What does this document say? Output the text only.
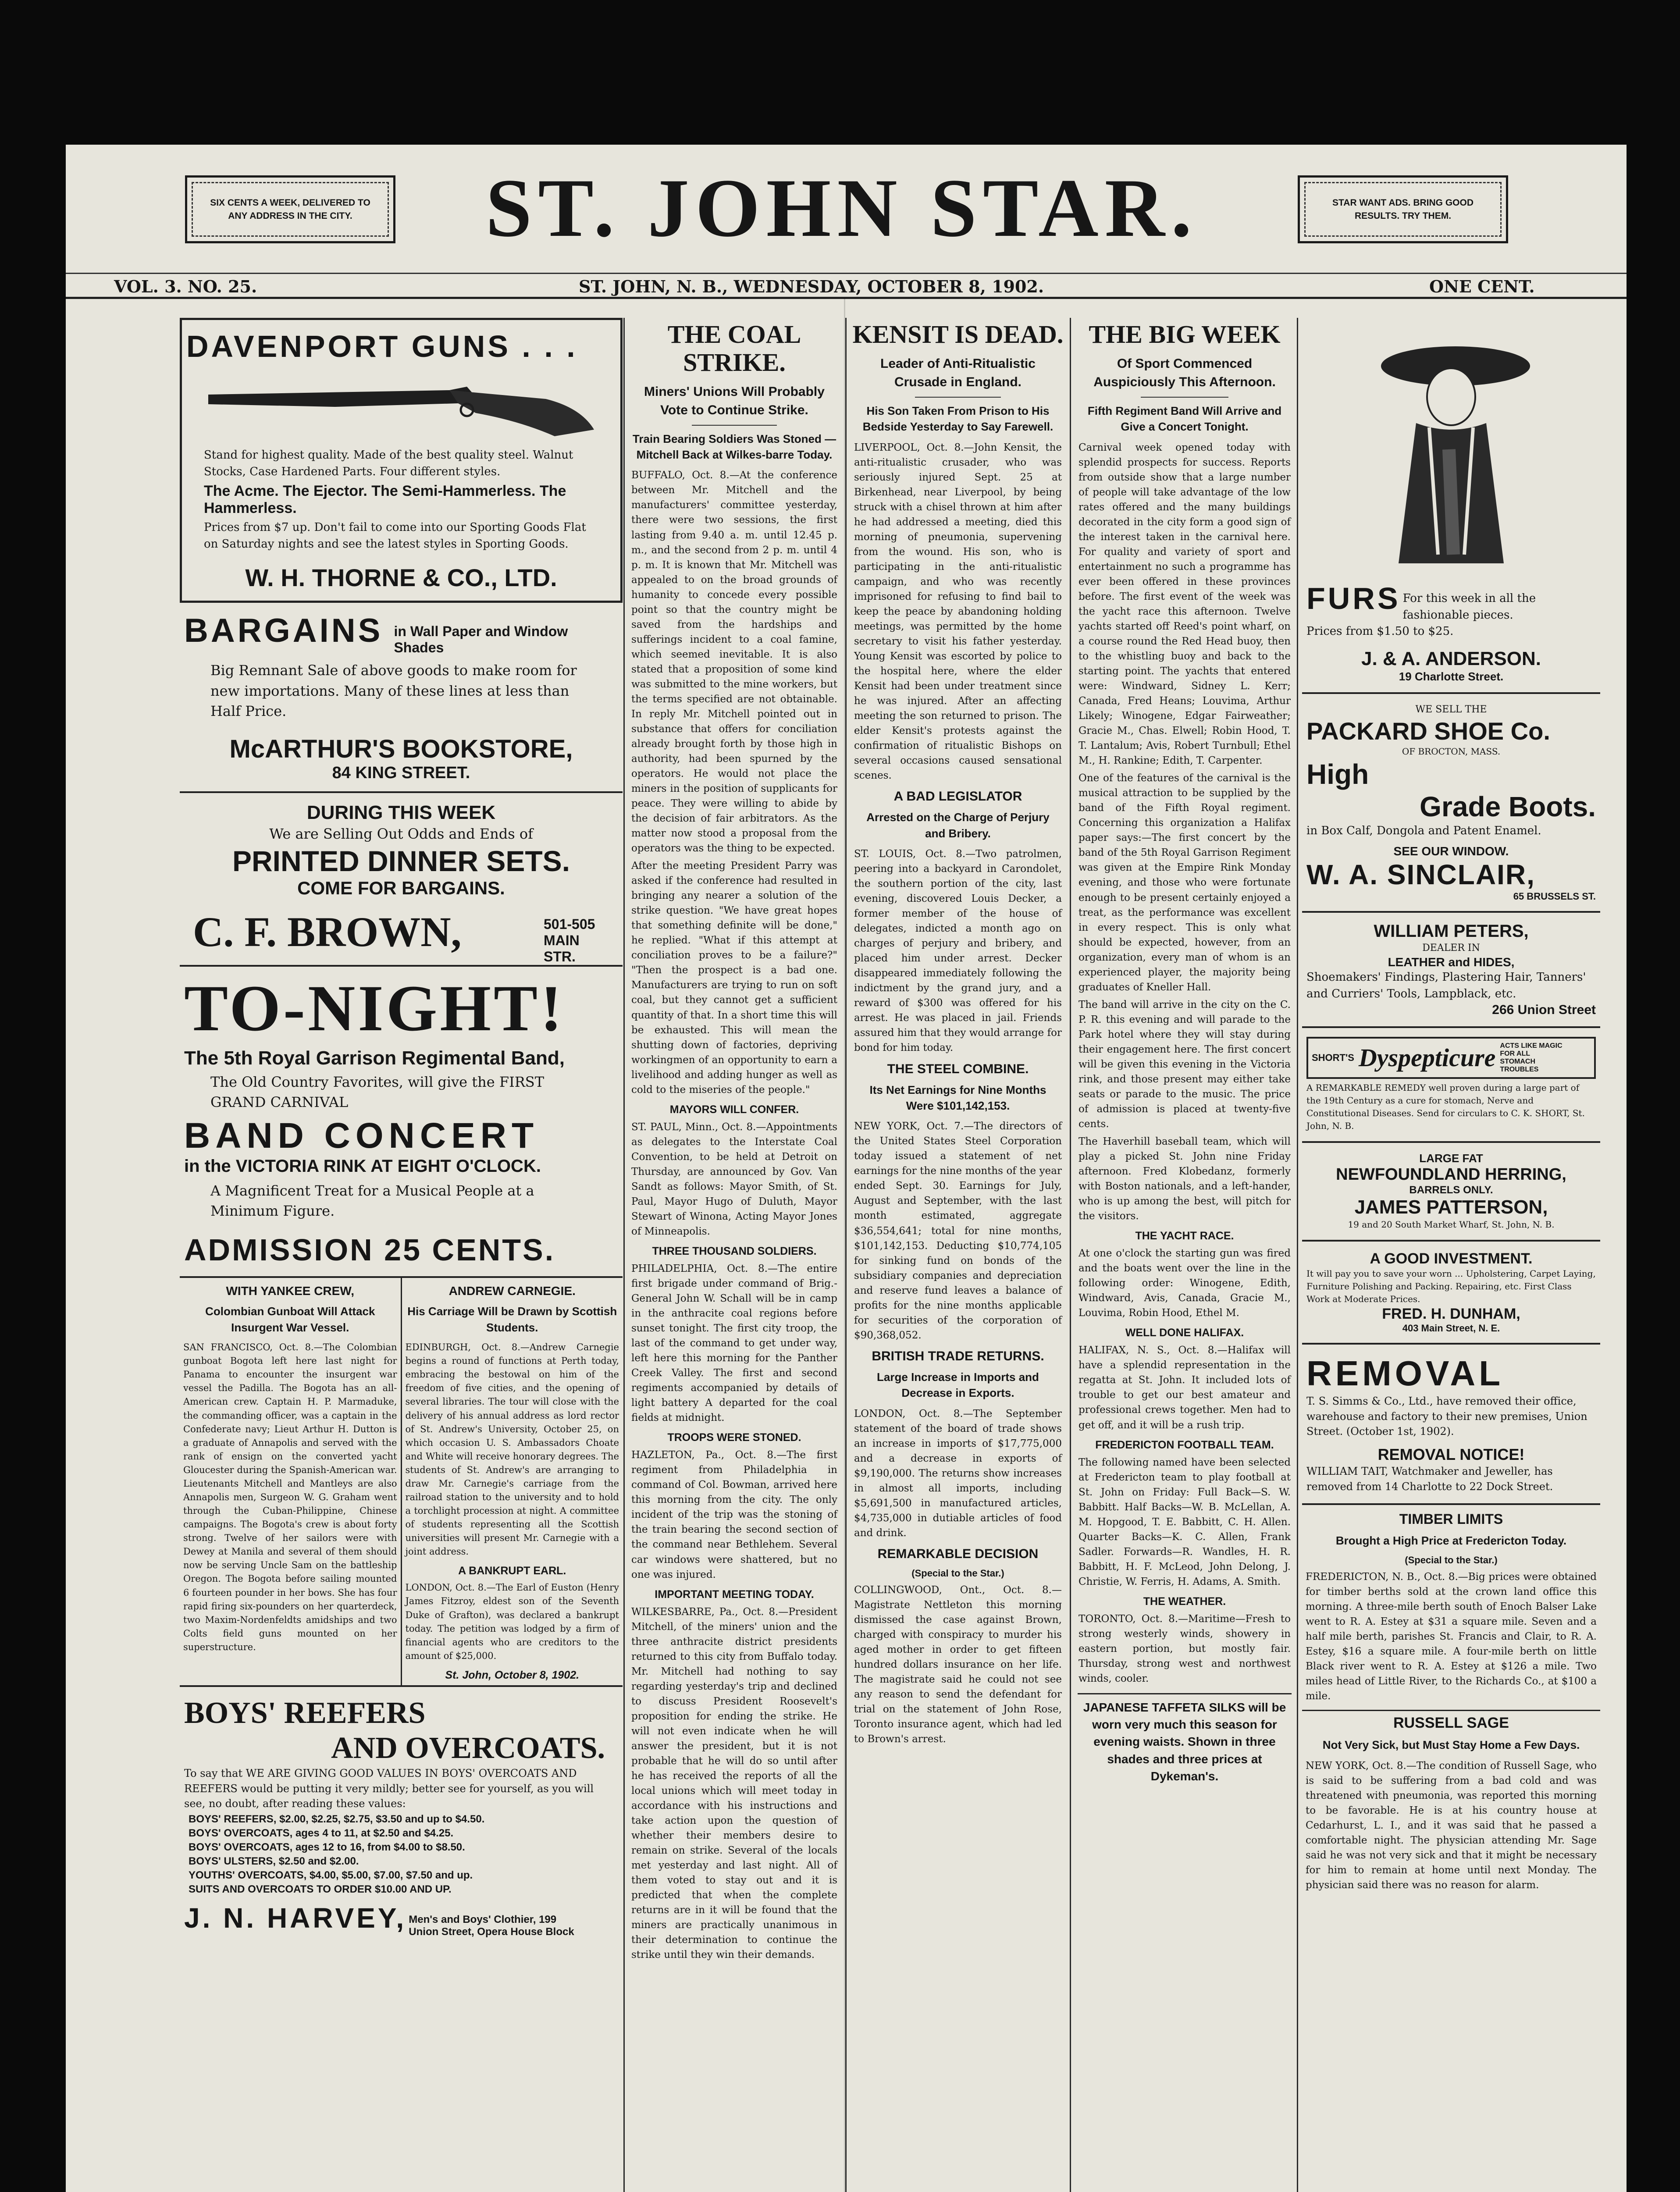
SIX CENTS A WEEK, DELIVERED TO ANY ADDRESS IN THE CITY.	ST. JOHN STAR.	STAR WANT ADS. BRING GOOD RESULTS. TRY THEM.
VOL. 3. NO. 25.	ST. JOHN, N. B., WEDNESDAY, OCTOBER 8, 1902.	ONE CENT.
DAVENPORT GUNS . . .
Stand for highest quality. Made of the best quality steel. Walnut Stocks, Case Hardened Parts. Four different styles.
The Acme. The Ejector. The Semi-Hammerless. The Hammerless.
Prices from $7 up. Don't fail to come into our Sporting Goods Flat on Saturday nights and see the latest styles in Sporting Goods.
W. H. THORNE & CO., LTD.
BARGAINS in Wall Paper and Window Shades
Big Remnant Sale of above goods to make room for new importations. Many of these lines at less than Half Price.
McARTHUR'S BOOKSTORE,
84 KING STREET.
DURING THIS WEEK
We are Selling Out Odds and Ends of
PRINTED DINNER SETS.
COME FOR BARGAINS.
C. F. BROWN,	501-505 MAIN STR.
TO-NIGHT!
The 5th Royal Garrison Regimental Band,
The Old Country Favorites, will give the FIRST GRAND CARNIVAL
BAND CONCERT
in the VICTORIA RINK AT EIGHT O'CLOCK.
A Magnificent Treat for a Musical People at a Minimum Figure.
ADMISSION 25 CENTS.
WITH YANKEE CREW,
Colombian Gunboat Will Attack Insurgent War Vessel.
SAN FRANCISCO, Oct. 8.—The Colombian gunboat Bogota left here last night for Panama to encounter the insurgent war vessel the Padilla. The Bogota has an all-American crew. Captain H. P. Marmaduke, the commanding officer, was a captain in the Confederate navy; Lieut Arthur H. Dutton is a graduate of Annapolis and served with the rank of ensign on the converted yacht Gloucester during the Spanish-American war. Lieutenants Mitchell and Mantleys are also Annapolis men, Surgeon W. G. Graham went through the Cuban-Philippine, Chinese campaigns. The Bogota's crew is about forty strong. Twelve of her sailors were with Dewey at Manila and several of them should now be serving Uncle Sam on the battleship Oregon. The Bogota before sailing mounted 6 fourteen pounder in her bows. She has four rapid firing six-pounders on her quarterdeck, two Maxim-Nordenfeldts amidships and two Colts field guns mounted on her superstructure.
ANDREW CARNEGIE.
His Carriage Will be Drawn by Scottish Students.
EDINBURGH, Oct. 8.—Andrew Carnegie begins a round of functions at Perth today, embracing the bestowal on him of the freedom of five cities, and the opening of several libraries. The tour will close with the delivery of his annual address as lord rector of St. Andrew's University, October 25, on which occasion U. S. Ambassadors Choate and White will receive honorary degrees. The students of St. Andrew's are arranging to draw Mr. Carnegie's carriage from the railroad station to the university and to hold a torchlight procession at night. A committee of students representing all the Scottish universities will present Mr. Carnegie with a joint address.
A BANKRUPT EARL.
LONDON, Oct. 8.—The Earl of Euston (Henry James Fitzroy, eldest son of the Seventh Duke of Grafton), was declared a bankrupt today. The petition was lodged by a firm of financial agents who are creditors to the amount of $25,000.
St. John, October 8, 1902.
BOYS' REEFERS
AND OVERCOATS.
To say that WE ARE GIVING GOOD VALUES IN BOYS' OVERCOATS AND REEFERS would be putting it very mildly; better see for yourself, as you will see, no doubt, after reading these values:
BOYS' REEFERS, $2.00, $2.25, $2.75, $3.50 and up to $4.50.
BOYS' OVERCOATS, ages 4 to 11, at $2.50 and $4.25.
BOYS' OVERCOATS, ages 12 to 16, from $4.00 to $8.50.
BOYS' ULSTERS, $2.50 and $2.00.
YOUTHS' OVERCOATS, $4.00, $5.00, $7.00, $7.50 and up.
SUITS AND OVERCOATS TO ORDER $10.00 AND UP.
J. N. HARVEY, Men's and Boys' Clothier, 199 Union Street, Opera House Block
THE COAL STRIKE.
Miners' Unions Will Probably Vote to Continue Strike.
Train Bearing Soldiers Was Stoned —Mitchell Back at Wilkes-barre Today.
BUFFALO, Oct. 8.—At the conference between Mr. Mitchell and the manufacturers' committee yesterday, there were two sessions, the first lasting from 9.40 a. m. until 12.45 p. m., and the second from 2 p. m. until 4 p. m. It is known that Mr. Mitchell was appealed to on the broad grounds of humanity to concede every possible point so that the country might be saved from the hardships and sufferings incident to a coal famine, which seemed inevitable. It is also stated that a proposition of some kind was submitted to the mine workers, but the terms specified are not obtainable. In reply Mr. Mitchell pointed out in substance that offers for conciliation already brought forth by those high in authority, had been spurned by the operators. He would not place the miners in the position of supplicants for peace. They were willing to abide by the decision of fair arbitrators. As the matter now stood a proposal from the operators was the thing to be expected.
After the meeting President Parry was asked if the conference had resulted in bringing any nearer a solution of the strike question. "We have great hopes that something definite will be done," he replied. "What if this attempt at conciliation proves to be a failure?" "Then the prospect is a bad one. Manufacturers are trying to run on soft coal, but they cannot get a sufficient quantity of that. In a short time this will be exhausted. This will mean the shutting down of factories, depriving workingmen of an opportunity to earn a livelihood and adding hunger as well as cold to the miseries of the people."
MAYORS WILL CONFER.
ST. PAUL, Minn., Oct. 8.—Appointments as delegates to the Interstate Coal Convention, to be held at Detroit on Thursday, are announced by Gov. Van Sandt as follows: Mayor Smith, of St. Paul, Mayor Hugo of Duluth, Mayor Stewart of Winona, Acting Mayor Jones of Minneapolis.
THREE THOUSAND SOLDIERS.
PHILADELPHIA, Oct. 8.—The entire first brigade under command of Brig.-General John W. Schall will be in camp in the anthracite coal regions before sunset tonight. The first city troop, the last of the command to get under way, left here this morning for the Panther Creek Valley. The first and second regiments accompanied by details of light battery A departed for the coal fields at midnight.
TROOPS WERE STONED.
HAZLETON, Pa., Oct. 8.—The first regiment from Philadelphia in command of Col. Bowman, arrived here this morning from the city. The only incident of the trip was the stoning of the train bearing the second section of the command near Bethlehem. Several car windows were shattered, but no one was injured.
IMPORTANT MEETING TODAY.
WILKESBARRE, Pa., Oct. 8.—President Mitchell, of the miners' union and the three anthracite district presidents returned to this city from Buffalo today. Mr. Mitchell had nothing to say regarding yesterday's trip and declined to discuss President Roosevelt's proposition for ending the strike. He will not even indicate when he will answer the president, but it is not probable that he will do so until after he has received the reports of all the local unions which will meet today in accordance with his instructions and take action upon the question of whether their members desire to remain on strike. Several of the locals met yesterday and last night. All of them voted to stay out and it is predicted that when the complete returns are in it will be found that the miners are practically unanimous in their determination to continue the strike until they win their demands.
KENSIT IS DEAD.
Leader of Anti-Ritualistic Crusade in England.
His Son Taken From Prison to His Bedside Yesterday to Say Farewell.
LIVERPOOL, Oct. 8.—John Kensit, the anti-ritualistic crusader, who was seriously injured Sept. 25 at Birkenhead, near Liverpool, by being struck with a chisel thrown at him after he had addressed a meeting, died this morning of pneumonia, supervening from the wound. His son, who is participating in the anti-ritualistic campaign, and who was recently imprisoned for refusing to find bail to keep the peace by abandoning holding meetings, was permitted by the home secretary to visit his father yesterday. Young Kensit was escorted by police to the hospital here, where the elder Kensit had been under treatment since he was injured. After an affecting meeting the son returned to prison. The elder Kensit's protests against the confirmation of ritualistic Bishops on several occasions caused sensational scenes.
A BAD LEGISLATOR
Arrested on the Charge of Perjury and Bribery.
ST. LOUIS, Oct. 8.—Two patrolmen, peering into a backyard in Carondolet, the southern portion of the city, last evening, discovered Louis Decker, a former member of the house of delegates, indicted a month ago on charges of perjury and bribery, and placed him under arrest. Decker disappeared immediately following the indictment by the grand jury, and a reward of $300 was offered for his arrest. He was placed in jail. Friends assured him that they would arrange for bond for him today.
THE STEEL COMBINE.
Its Net Earnings for Nine Months Were $101,142,153.
NEW YORK, Oct. 7.—The directors of the United States Steel Corporation today issued a statement of net earnings for the nine months of the year ended Sept. 30. Earnings for July, August and September, with the last month estimated, aggregate $36,554,641; total for nine months, $101,142,153. Deducting $10,774,105 for sinking fund on bonds of the subsidiary companies and depreciation and reserve fund leaves a balance of profits for the nine months applicable for securities of the corporation of $90,368,052.
BRITISH TRADE RETURNS.
Large Increase in Imports and Decrease in Exports.
LONDON, Oct. 8.—The September statement of the board of trade shows an increase in imports of $17,775,000 and a decrease in exports of $9,190,000. The returns show increases in almost all imports, including $5,691,500 in manufactured articles, $4,735,000 in dutiable articles of food and drink.
REMARKABLE DECISION
(Special to the Star.)
COLLINGWOOD, Ont., Oct. 8.—Magistrate Nettleton this morning dismissed the case against Brown, charged with conspiracy to murder his aged mother in order to get fifteen hundred dollars insurance on her life. The magistrate said he could not see any reason to send the defendant for trial on the statement of John Rose, Toronto insurance agent, which had led to Brown's arrest.
THE BIG WEEK
Of Sport Commenced Auspiciously This Afternoon.
Fifth Regiment Band Will Arrive and Give a Concert Tonight.
Carnival week opened today with splendid prospects for success. Reports from outside show that a large number of people will take advantage of the low rates offered and the many buildings decorated in the city form a good sign of the interest taken in the carnival here. For quality and variety of sport and entertainment no such a programme has ever been offered in these provinces before. The first event of the week was the yacht race this afternoon. Twelve yachts started off Reed's point wharf, on a course round the Red Head buoy, then to the whistling buoy and back to the starting point. The yachts that entered were: Windward, Sidney L. Kerr; Canada, Fred Heans; Louvima, Arthur Likely; Winogene, Edgar Fairweather; Gracie M., Chas. Elwell; Robin Hood, T. T. Lantalum; Avis, Robert Turnbull; Ethel M., H. Rankine; Edith, T. Carpenter.
One of the features of the carnival is the musical attraction to be supplied by the band of the Fifth Royal regiment. Concerning this organization a Halifax paper says:—The first concert by the band of the 5th Royal Garrison Regiment was given at the Empire Rink Monday evening, and those who were fortunate enough to be present certainly enjoyed a treat, as the performance was excellent in every respect. This is only what should be expected, however, from an organization, every man of whom is an experienced player, the majority being graduates of Kneller Hall.
The band will arrive in the city on the C. P. R. this evening and will parade to the Park hotel where they will stay during their engagement here. The first concert will be given this evening in the Victoria rink, and those present may either take seats or parade to the music. The price of admission is placed at twenty-five cents.
The Haverhill baseball team, which will play a picked St. John nine Friday afternoon. Fred Klobedanz, formerly with Boston nationals, and a left-hander, who is up among the best, will pitch for the visitors.
THE YACHT RACE.
At one o'clock the starting gun was fired and the boats went over the line in the following order: Winogene, Edith, Windward, Avis, Canada, Gracie M., Louvima, Robin Hood, Ethel M.
WELL DONE HALIFAX.
HALIFAX, N. S., Oct. 8.—Halifax will have a splendid representation in the regatta at St. John. It included lots of trouble to get our best amateur and professional crews together. Men had to get off, and it will be a rush trip.
FREDERICTON FOOTBALL TEAM.
The following named have been selected at Fredericton team to play football at St. John on Friday: Full Back—S. W. Babbitt. Half Backs—W. B. McLellan, A. M. Hopgood, T. E. Babbitt, C. H. Allen. Quarter Backs—K. C. Allen, Frank Sadler. Forwards—R. Wandles, H. R. Babbitt, H. F. McLeod, John Delong, J. Christie, W. Ferris, H. Adams, A. Smith.
THE WEATHER.
TORONTO, Oct. 8.—Maritime—Fresh to strong westerly winds, showery in eastern portion, but mostly fair. Thursday, strong west and northwest winds, cooler.
JAPANESE TAFFETA SILKS will be worn very much this season for evening waists. Shown in three shades and three prices at Dykeman's.
FURS For this week in all the fashionable pieces.
Prices from $1.50 to $25.
J. & A. ANDERSON.
19 Charlotte Street.
WE SELL THE
PACKARD SHOE Co.
OF BROCTON, MASS.
High
Grade Boots.
in Box Calf, Dongola and Patent Enamel.
SEE OUR WINDOW.
W. A. SINCLAIR,
65 BRUSSELS ST.
WILLIAM PETERS,
DEALER IN
LEATHER and HIDES,
Shoemakers' Findings, Plastering Hair, Tanners' and Curriers' Tools, Lampblack, etc.
266 Union Street
SHORT'S Dyspepticure ACTS LIKE MAGIC FOR ALL STOMACH TROUBLES
A REMARKABLE REMEDY well proven during a large part of the 19th Century as a cure for stomach, Nerve and Constitutional Diseases. Send for circulars to C. K. SHORT, St. John, N. B.
LARGE FAT
NEWFOUNDLAND HERRING,
BARRELS ONLY.
JAMES PATTERSON,
19 and 20 South Market Wharf, St. John, N. B.
A GOOD INVESTMENT.
It will pay you to save your worn ... Upholstering, Carpet Laying, Furniture Polishing and Packing. Repairing, etc. First Class Work at Moderate Prices.
FRED. H. DUNHAM,
403 Main Street, N. E.
REMOVAL
T. S. Simms & Co., Ltd., have removed their office, warehouse and factory to their new premises, Union Street. (October 1st, 1902).
REMOVAL NOTICE!
WILLIAM TAIT, Watchmaker and Jeweller, has removed from 14 Charlotte to 22 Dock Street.
TIMBER LIMITS
Brought a High Price at Fredericton Today.
(Special to the Star.)
FREDERICTON, N. B., Oct. 8.—Big prices were obtained for timber berths sold at the crown land office this morning. A three-mile berth south of Enoch Balser Lake went to R. A. Estey at $31 a square mile. Seven and a half mile berth, parishes St. Francis and Clair, to R. A. Estey, $16 a square mile. A four-mile berth on little Black river went to R. A. Estey at $126 a mile. Two miles head of Little River, to the Richards Co., at $100 a mile.
RUSSELL SAGE
Not Very Sick, but Must Stay Home a Few Days.
NEW YORK, Oct. 8.—The condition of Russell Sage, who is said to be suffering from a bad cold and was threatened with pneumonia, was reported this morning to be favorable. He is at his country house at Cedarhurst, L. I., and it was said that he passed a comfortable night. The physician attending Mr. Sage said he was not very sick and that it might be necessary for him to remain at home until next Monday. The physician said there was no reason for alarm.
